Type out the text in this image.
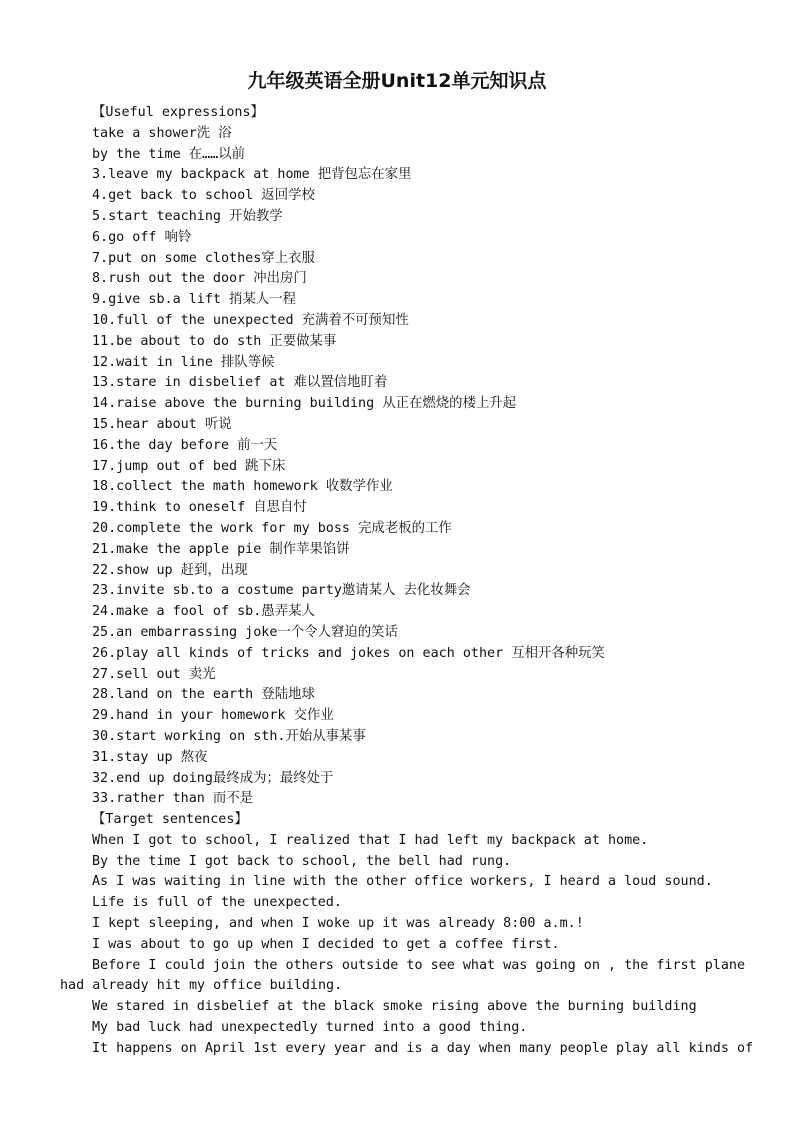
九年级英语全册Unit12单元知识点
【Useful expressions】
take a shower洗 浴
by the time 在……以前
3.leave my backpack at home 把背包忘在家里
4.get back to school 返回学校
5.start teaching 开始教学
6.go off 响铃
7.put on some clothes穿上衣服
8.rush out the door 冲出房门
9.give sb.a lift 捎某人一程
10.full of the unexpected 充满着不可预知性
11.be about to do sth 正要做某事
12.wait in line 排队等候
13.stare in disbelief at 难以置信地盯着
14.raise above the burning building 从正在燃烧的楼上升起
15.hear about 听说
16.the day before 前一天
17.jump out of bed 跳下床
18.collect the math homework 收数学作业
19.think to oneself 自思自忖
20.complete the work for my boss 完成老板的工作
21.make the apple pie 制作苹果馅饼
22.show up 赶到，出现
23.invite sb.to a costume party邀请某人 去化妆舞会
24.make a fool of sb.愚弄某人
25.an embarrassing joke一个令人窘迫的笑话
26.play all kinds of tricks and jokes on each other 互相开各种玩笑
27.sell out 卖光
28.land on the earth 登陆地球
29.hand in your homework 交作业
30.start working on sth.开始从事某事
31.stay up 熬夜
32.end up doing最终成为；最终处于
33.rather than 而不是
【Target sentences】
When I got to school, I realized that I had left my backpack at home.
By the time I got back to school, the bell had rung.
As I was waiting in line with the other office workers, I heard a loud sound.
Life is full of the unexpected.
I kept sleeping, and when I woke up it was already 8:00 a.m.!
I was about to go up when I decided to get a coffee first.
Before I could join the others outside to see what was going on , the first plane
had already hit my office building.
We stared in disbelief at the black smoke rising above the burning building
My bad luck had unexpectedly turned into a good thing.
It happens on April 1st every year and is a day when many people play all kinds of
